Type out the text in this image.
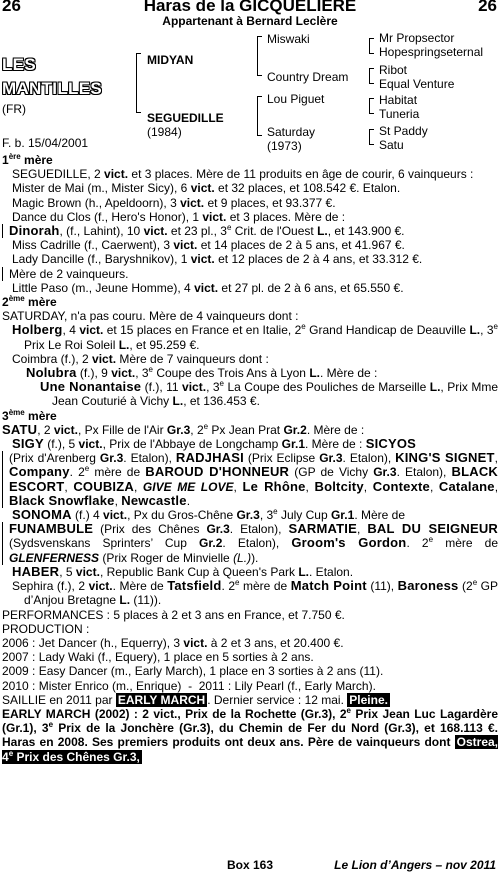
26	Haras de la GICQUELIERE	26
Appartenant à Bernard Leclère
LES
MANTILLES
(FR)
F. b. 15/04/2001
MIDYAN
SEGUEDILLE
(1984)
Miswaki
Country Dream
Lou Piguet
Saturday
(1973)
Mr Propsector
Hopespringseternal
Ribot
Equal Venture
Habitat
Tuneria
St Paddy
Satu

1ère mère

SEGUEDILLE, 2 vict. et 3 places. Mère de 11 produits en âge de courir, 6 vainqueurs :

Mister de Mai (m., Mister Sicy), 6 vict. et 32 places, et 108.542 €. Etalon.

Magic Brown (h., Apeldoorn), 3 vict. et 9 places, et 93.377 €.

Dance du Clos (f., Hero's Honor), 1 vict. et 3 places. Mère de :

Dinorah, (f., Lahint), 10 vict. et 23 pl., 3e Crit. de l'Ouest L., et 143.900 €.

Miss Cadrille (f., Caerwent), 3 vict. et 14 places de 2 à 5 ans, et 41.967 €.

Lady Dancille (f., Baryshnikov), 1 vict. et 12 places de 2 à 4 ans, et 33.312 €.

Mère de 2 vainqueurs.

Little Paso (m., Jeune Homme), 4 vict. et 27 pl. de 2 à 6 ans, et 65.550 €.

2ème mère

SATURDAY, n'a pas couru. Mère de 4 vainqueurs dont :

Holberg, 4 vict. et 15 places en France et en Italie, 2e Grand Handicap de Deauville L., 3e Prix Le Roi Soleil L., et 95.259 €.

Coimbra (f.), 2 vict. Mère de 7 vainqueurs dont :

Nolubra (f.), 9 vict., 3e Coupe des Trois Ans à Lyon L.. Mère de :

Une Nonantaise (f.), 11 vict., 3e La Coupe des Pouliches de Marseille L., Prix Mme Jean Couturié à Vichy L., et 136.453 €.

3ème mère

SATU, 2 vict., Px Fille de l'Air Gr.3, 2e Px Jean Prat Gr.2. Mère de :

SIGY (f.), 5 vict., Prix de l'Abbaye de Longchamp Gr.1. Mère de : SICYOS

(Prix d'Arenberg Gr.3. Etalon), RADJHASI (Prix Eclipse Gr.3. Etalon), KING'S SIGNET, Company. 2e mère de BAROUD D'HONNEUR (GP de Vichy Gr.3. Etalon), BLACK ESCORT, COUBIZA, GIVE ME LOVE, Le Rhône, Boltcity, Contexte, Catalane, Black Snowflake, Newcastle.

SONOMA (f.) 4 vict., Px du Gros-Chêne Gr.3, 3e July Cup Gr.1. Mère de

FUNAMBULE (Prix des Chênes Gr.3. Etalon), SARMATIE, BAL DU SEIGNEUR (Sydsvenskans Sprinters’ Cup Gr.2. Etalon), Groom's Gordon. 2e mère de GLENFERNESS (Prix Roger de Minvielle (L.)).

HABER, 5 vict., Republic Bank Cup à Queen's Park L.. Etalon.

Sephira (f.), 2 vict.. Mère de Tatsfield. 2e mère de Match Point (11), Baroness (2e GP d’Anjou Bretagne L. (11)).

PERFORMANCES : 5 places à 2 et 3 ans en France, et 7.750 €.

PRODUCTION :

2006 : Jet Dancer (h., Equerry), 3 vict. à 2 et 3 ans, et 20.400 €.

2007 : Lady Waki (f., Equery), 1 place en 5 sorties à 2 ans.

2009 : Easy Dancer (m., Early March), 1 place en 3 sorties à 2 ans (11).

2010 : Mister Enrico (m., Enrique)  -  2011 : Lily Pearl (f., Early March).

SAILLIE en 2011 par EARLY MARCH . Dernier service : 12 mai. Pleine.

EARLY MARCH (2002) : 2 vict., Prix de la Rochette (Gr.3), 2e Prix Jean Luc Lagardère (Gr.1), 3e Prix de la Jonchère (Gr.3), du Chemin de Fer du Nord (Gr.3), et 168.113 €. Haras en 2008. Ses premiers produits ont deux ans. Père de vainqueurs dont Ostrea, 4e Prix des Chênes Gr.3,

Box 163	Le Lion d’Angers – nov 2011
